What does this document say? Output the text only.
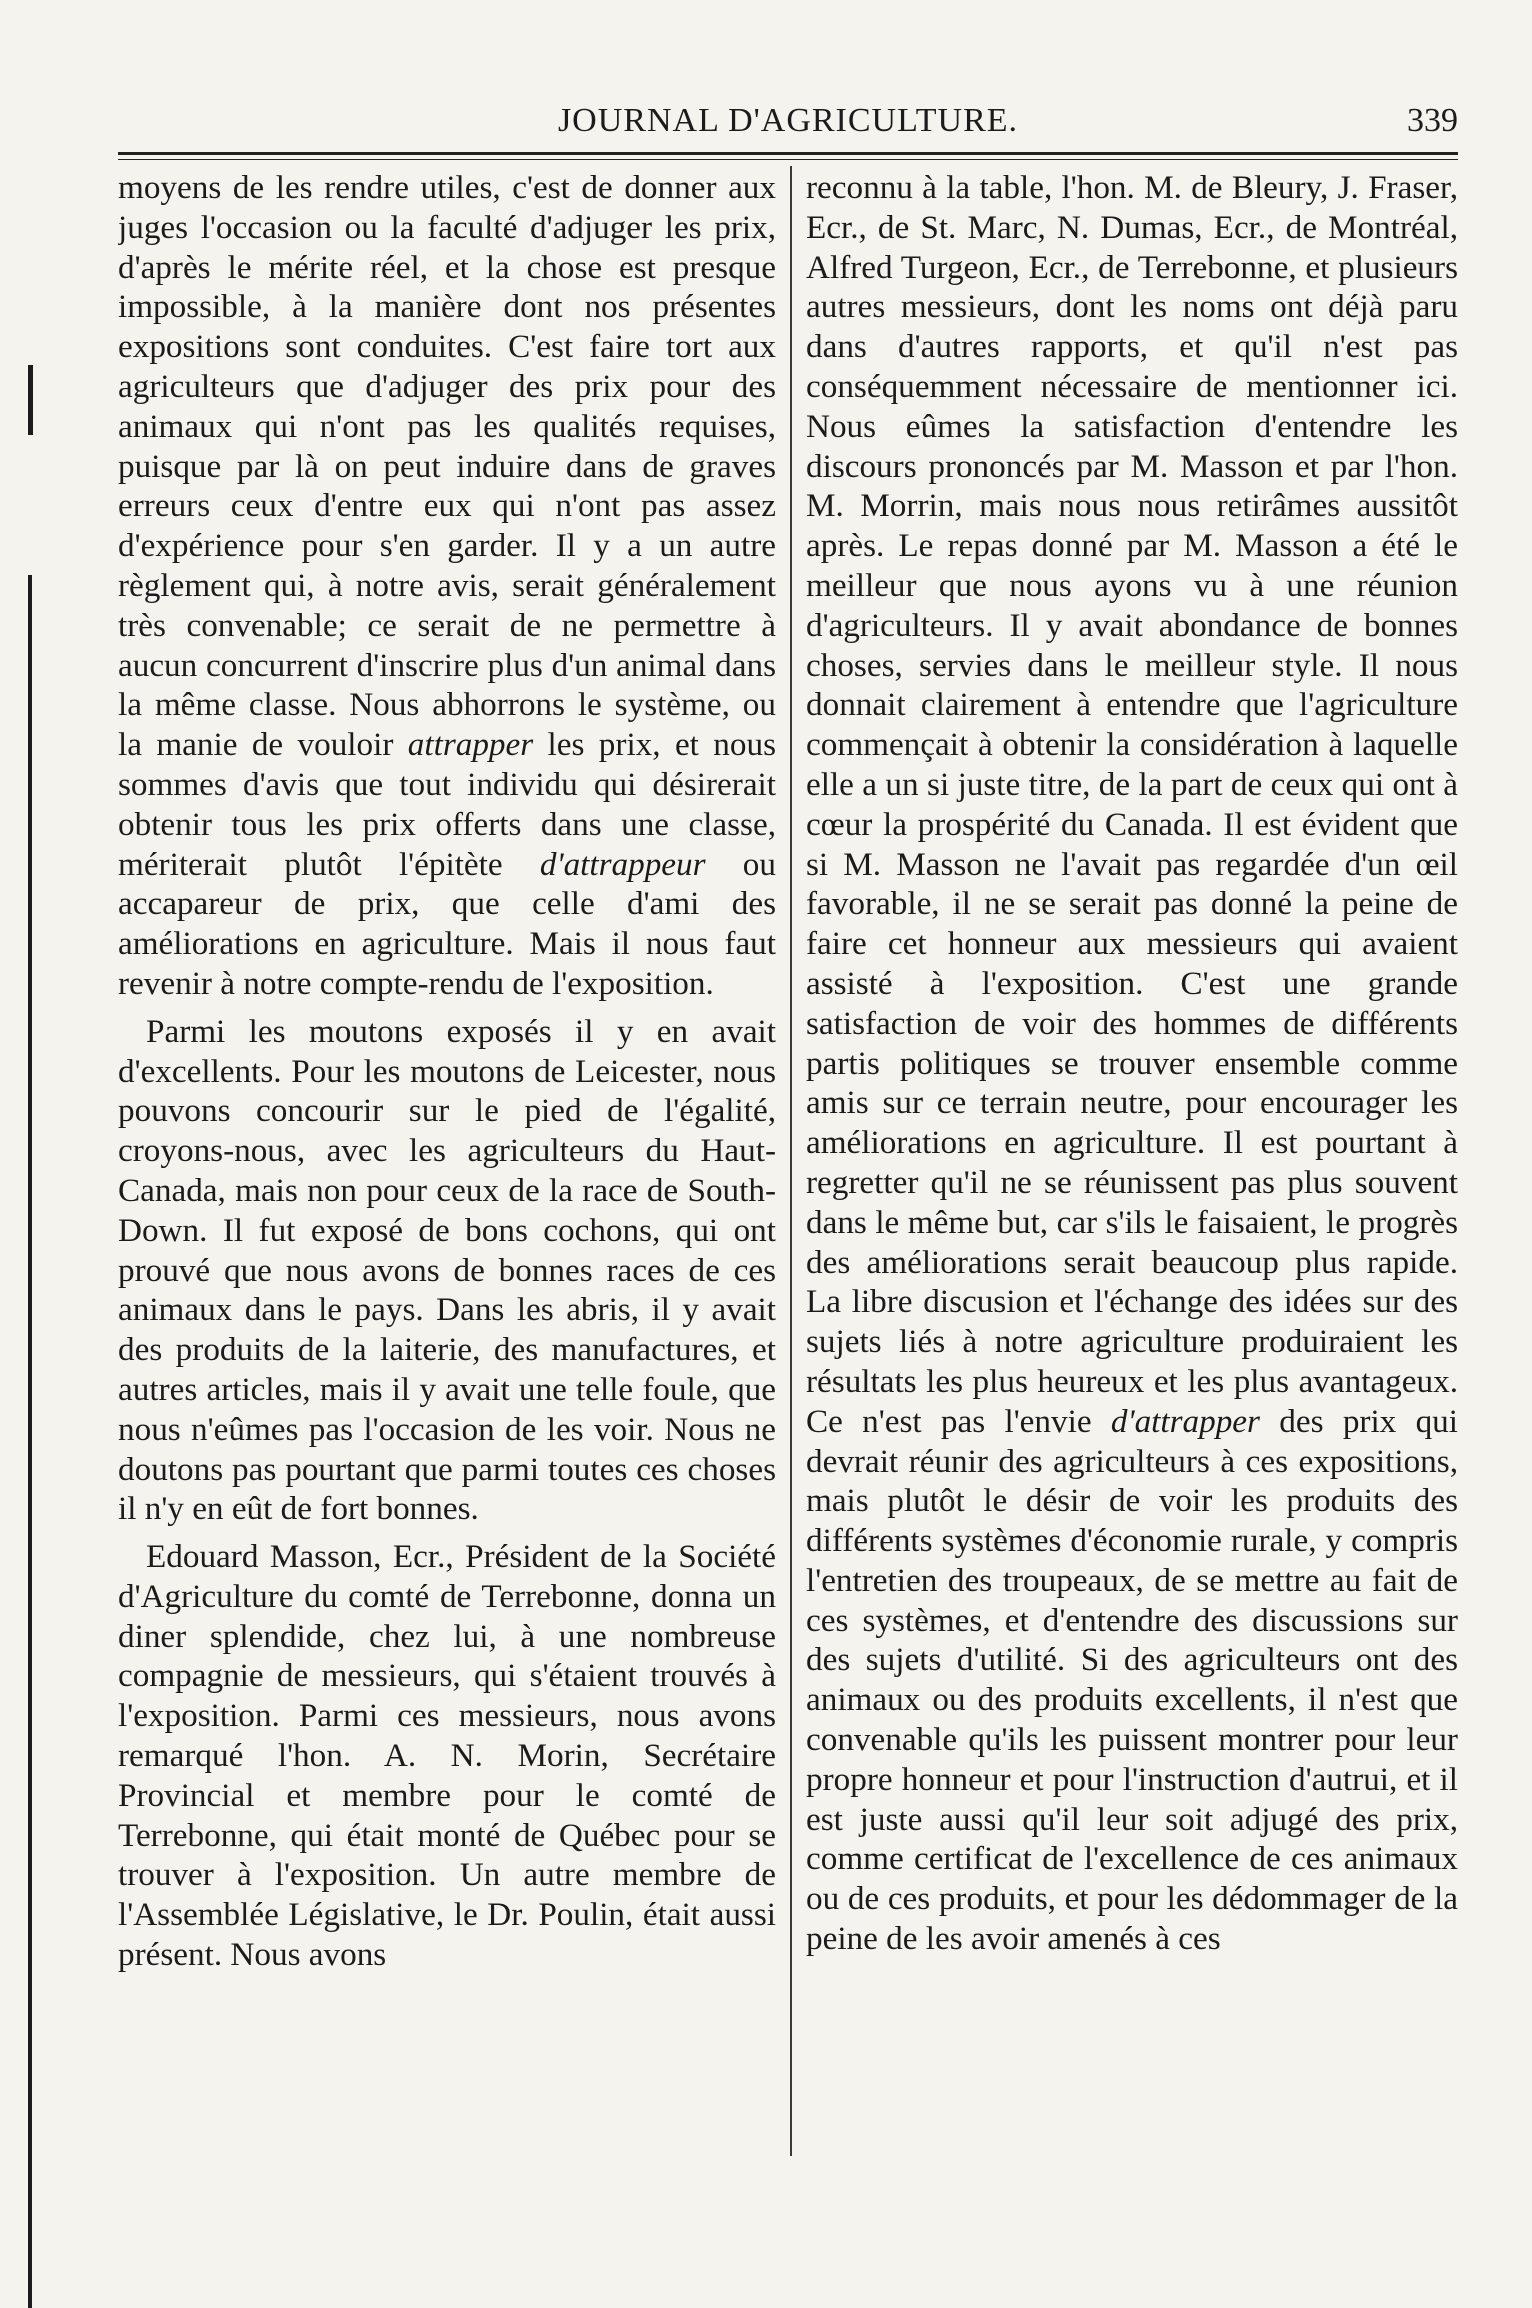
JOURNAL D'AGRICULTURE.	339

moyens de les rendre utiles, c'est de donner aux juges l'occasion ou la faculté d'adjuger les prix, d'après le mérite réel, et la chose est presque impossible, à la manière dont nos présentes expositions sont conduites. C'est faire tort aux agriculteurs que d'adjuger des prix pour des animaux qui n'ont pas les qualités requises, puisque par là on peut induire dans de graves erreurs ceux d'entre eux qui n'ont pas assez d'expérience pour s'en garder. Il y a un autre règlement qui, à notre avis, serait généralement très convenable; ce serait de ne permettre à aucun concurrent d'inscrire plus d'un animal dans la même classe. Nous abhorrons le système, ou la manie de vouloir attrapper les prix, et nous sommes d'avis que tout individu qui désirerait obtenir tous les prix offerts dans une classe, mériterait plutôt l'épitète d'attrappeur ou accapareur de prix, que celle d'ami des améliorations en agriculture. Mais il nous faut revenir à notre compte-rendu de l'exposition.

Parmi les moutons exposés il y en avait d'excellents. Pour les moutons de Leicester, nous pouvons concourir sur le pied de l'égalité, croyons-nous, avec les agriculteurs du Haut-Canada, mais non pour ceux de la race de South-Down. Il fut exposé de bons cochons, qui ont prouvé que nous avons de bonnes races de ces animaux dans le pays. Dans les abris, il y avait des produits de la laiterie, des manufactures, et autres articles, mais il y avait une telle foule, que nous n'eûmes pas l'occasion de les voir. Nous ne doutons pas pourtant que parmi toutes ces choses il n'y en eût de fort bonnes.

Edouard Masson, Ecr., Président de la Société d'Agriculture du comté de Terrebonne, donna un diner splendide, chez lui, à une nombreuse compagnie de messieurs, qui s'étaient trouvés à l'exposition. Parmi ces messieurs, nous avons remarqué l'hon. A. N. Morin, Secrétaire Provincial et membre pour le comté de Terrebonne, qui était monté de Québec pour se trouver à l'exposition. Un autre membre de l'Assemblée Législative, le Dr. Poulin, était aussi présent. Nous avons

reconnu à la table, l'hon. M. de Bleury, J. Fraser, Ecr., de St. Marc, N. Dumas, Ecr., de Montréal, Alfred Turgeon, Ecr., de Terrebonne, et plusieurs autres messieurs, dont les noms ont déjà paru dans d'autres rapports, et qu'il n'est pas conséquemment nécessaire de mentionner ici. Nous eûmes la satisfaction d'entendre les discours prononcés par M. Masson et par l'hon. M. Morrin, mais nous nous retirâmes aussitôt après. Le repas donné par M. Masson a été le meilleur que nous ayons vu à une réunion d'agriculteurs. Il y avait abondance de bonnes choses, servies dans le meilleur style. Il nous donnait clairement à entendre que l'agriculture commençait à obtenir la considération à laquelle elle a un si juste titre, de la part de ceux qui ont à cœur la prospérité du Canada. Il est évident que si M. Masson ne l'avait pas regardée d'un œil favorable, il ne se serait pas donné la peine de faire cet honneur aux messieurs qui avaient assisté à l'exposition. C'est une grande satisfaction de voir des hommes de différents partis politiques se trouver ensemble comme amis sur ce terrain neutre, pour encourager les améliorations en agriculture. Il est pourtant à regretter qu'il ne se réunissent pas plus souvent dans le même but, car s'ils le faisaient, le progrès des améliorations serait beaucoup plus rapide. La libre discusion et l'échange des idées sur des sujets liés à notre agriculture produiraient les résultats les plus heureux et les plus avantageux. Ce n'est pas l'envie d'attrapper des prix qui devrait réunir des agriculteurs à ces expositions, mais plutôt le désir de voir les produits des différents systèmes d'économie rurale, y compris l'entretien des troupeaux, de se mettre au fait de ces systèmes, et d'entendre des discussions sur des sujets d'utilité. Si des agriculteurs ont des animaux ou des produits excellents, il n'est que convenable qu'ils les puissent montrer pour leur propre honneur et pour l'instruction d'autrui, et il est juste aussi qu'il leur soit adjugé des prix, comme certificat de l'excellence de ces animaux ou de ces produits, et pour les dédommager de la peine de les avoir amenés à ces
